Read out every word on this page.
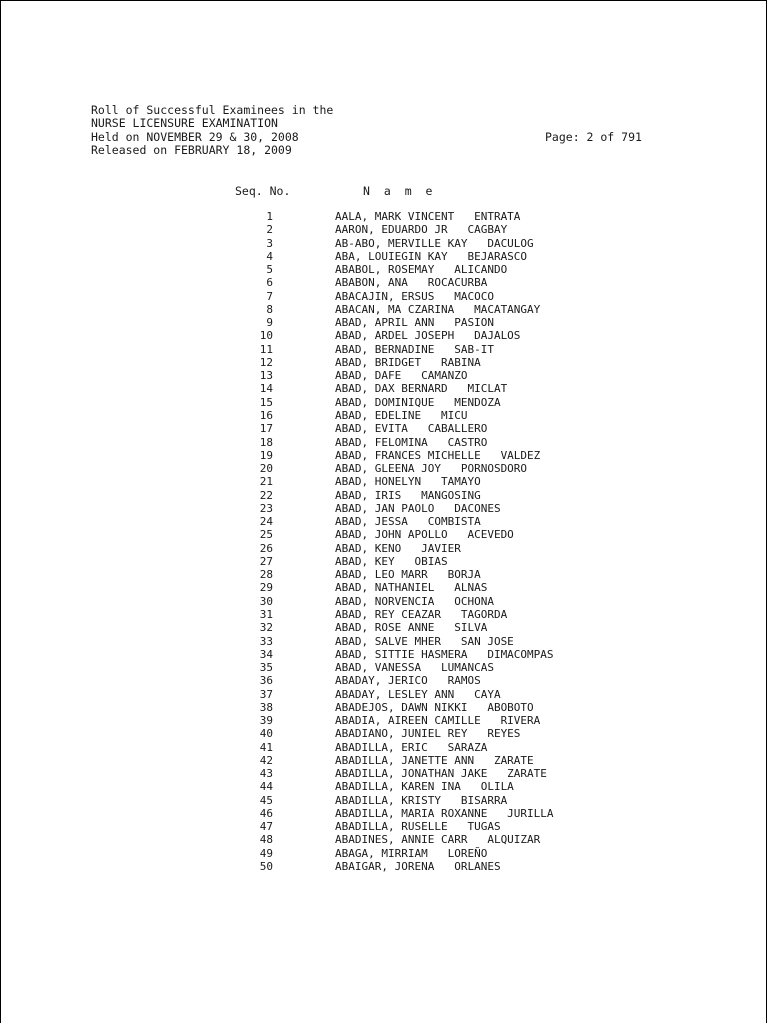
Roll of Successful Examinees in the
NURSE LICENSURE EXAMINATION
Held on NOVEMBER 29 & 30, 2008
Released on FEBRUARY 18, 2009
Page: 2 of 791
Seq. No.	N a m e
1	AALA, MARK VINCENT   ENTRATA
2	AARON, EDUARDO JR   CAGBAY
3	AB-ABO, MERVILLE KAY   DACULOG
4	ABA, LOUIEGIN KAY   BEJARASCO
5	ABABOL, ROSEMAY   ALICANDO
6	ABABON, ANA   ROCACURBA
7	ABACAJIN, ERSUS   MACOCO
8	ABACAN, MA CZARINA   MACATANGAY
9	ABAD, APRIL ANN   PASION
10	ABAD, ARDEL JOSEPH   DAJALOS
11	ABAD, BERNADINE   SAB-IT
12	ABAD, BRIDGET   RABINA
13	ABAD, DAFE   CAMANZO
14	ABAD, DAX BERNARD   MICLAT
15	ABAD, DOMINIQUE   MENDOZA
16	ABAD, EDELINE   MICU
17	ABAD, EVITA   CABALLERO
18	ABAD, FELOMINA   CASTRO
19	ABAD, FRANCES MICHELLE   VALDEZ
20	ABAD, GLEENA JOY   PORNOSDORO
21	ABAD, HONELYN   TAMAYO
22	ABAD, IRIS   MANGOSING
23	ABAD, JAN PAOLO   DACONES
24	ABAD, JESSA   COMBISTA
25	ABAD, JOHN APOLLO   ACEVEDO
26	ABAD, KENO   JAVIER
27	ABAD, KEY   OBIAS
28	ABAD, LEO MARR   BORJA
29	ABAD, NATHANIEL   ALNAS
30	ABAD, NORVENCIA   OCHONA
31	ABAD, REY CEAZAR   TAGORDA
32	ABAD, ROSE ANNE   SILVA
33	ABAD, SALVE MHER   SAN JOSE
34	ABAD, SITTIE HASMERA   DIMACOMPAS
35	ABAD, VANESSA   LUMANCAS
36	ABADAY, JERICO   RAMOS
37	ABADAY, LESLEY ANN   CAYA
38	ABADEJOS, DAWN NIKKI   ABOBOTO
39	ABADIA, AIREEN CAMILLE   RIVERA
40	ABADIANO, JUNIEL REY   REYES
41	ABADILLA, ERIC   SARAZA
42	ABADILLA, JANETTE ANN   ZARATE
43	ABADILLA, JONATHAN JAKE   ZARATE
44	ABADILLA, KAREN INA   OLILA
45	ABADILLA, KRISTY   BISARRA
46	ABADILLA, MARIA ROXANNE   JURILLA
47	ABADILLA, RUSELLE   TUGAS
48	ABADINES, ANNIE CARR   ALQUIZAR
49	ABAGA, MIRRIAM   LOREÑO
50	ABAIGAR, JORENA   ORLANES
